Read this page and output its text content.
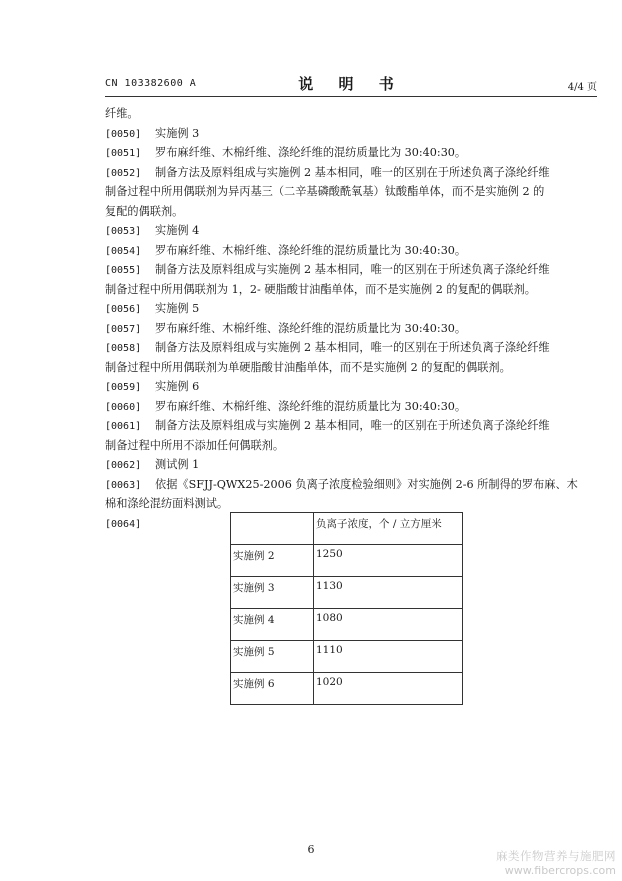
CN 103382600 A	说 明 书	4/4 页
纤维。
[0050] 实施例 3
[0051] 罗布麻纤维、木棉纤维、涤纶纤维的混纺质量比为 30:40:30。
[0052] 制备方法及原料组成与实施例 2 基本相同，唯一的区别在于所述负离子涤纶纤维
制备过程中所用偶联剂为异丙基三（二辛基磷酸酰氧基）钛酸酯单体，而不是实施例 2 的
复配的偶联剂。
[0053] 实施例 4
[0054] 罗布麻纤维、木棉纤维、涤纶纤维的混纺质量比为 30:40:30。
[0055] 制备方法及原料组成与实施例 2 基本相同，唯一的区别在于所述负离子涤纶纤维
制备过程中所用偶联剂为 1，2- 硬脂酸甘油酯单体，而不是实施例 2 的复配的偶联剂。
[0056] 实施例 5
[0057] 罗布麻纤维、木棉纤维、涤纶纤维的混纺质量比为 30:40:30。
[0058] 制备方法及原料组成与实施例 2 基本相同，唯一的区别在于所述负离子涤纶纤维
制备过程中所用偶联剂为单硬脂酸甘油酯单体，而不是实施例 2 的复配的偶联剂。
[0059] 实施例 6
[0060] 罗布麻纤维、木棉纤维、涤纶纤维的混纺质量比为 30:40:30。
[0061] 制备方法及原料组成与实施例 2 基本相同，唯一的区别在于所述负离子涤纶纤维
制备过程中所用不添加任何偶联剂。
[0062] 测试例 1
[0063] 依据《SFJJ-QWX25-2006 负离子浓度检验细则》对实施例 2-6 所制得的罗布麻、木
棉和涤纶混纺面料测试。
[0064]
		负离子浓度，个 / 立方厘米
实施例 2	1250
实施例 3	1130
实施例 4	1080
实施例 5	1110
实施例 6	1020
6	麻类作物营养与施肥网
www.fibercrops.com
